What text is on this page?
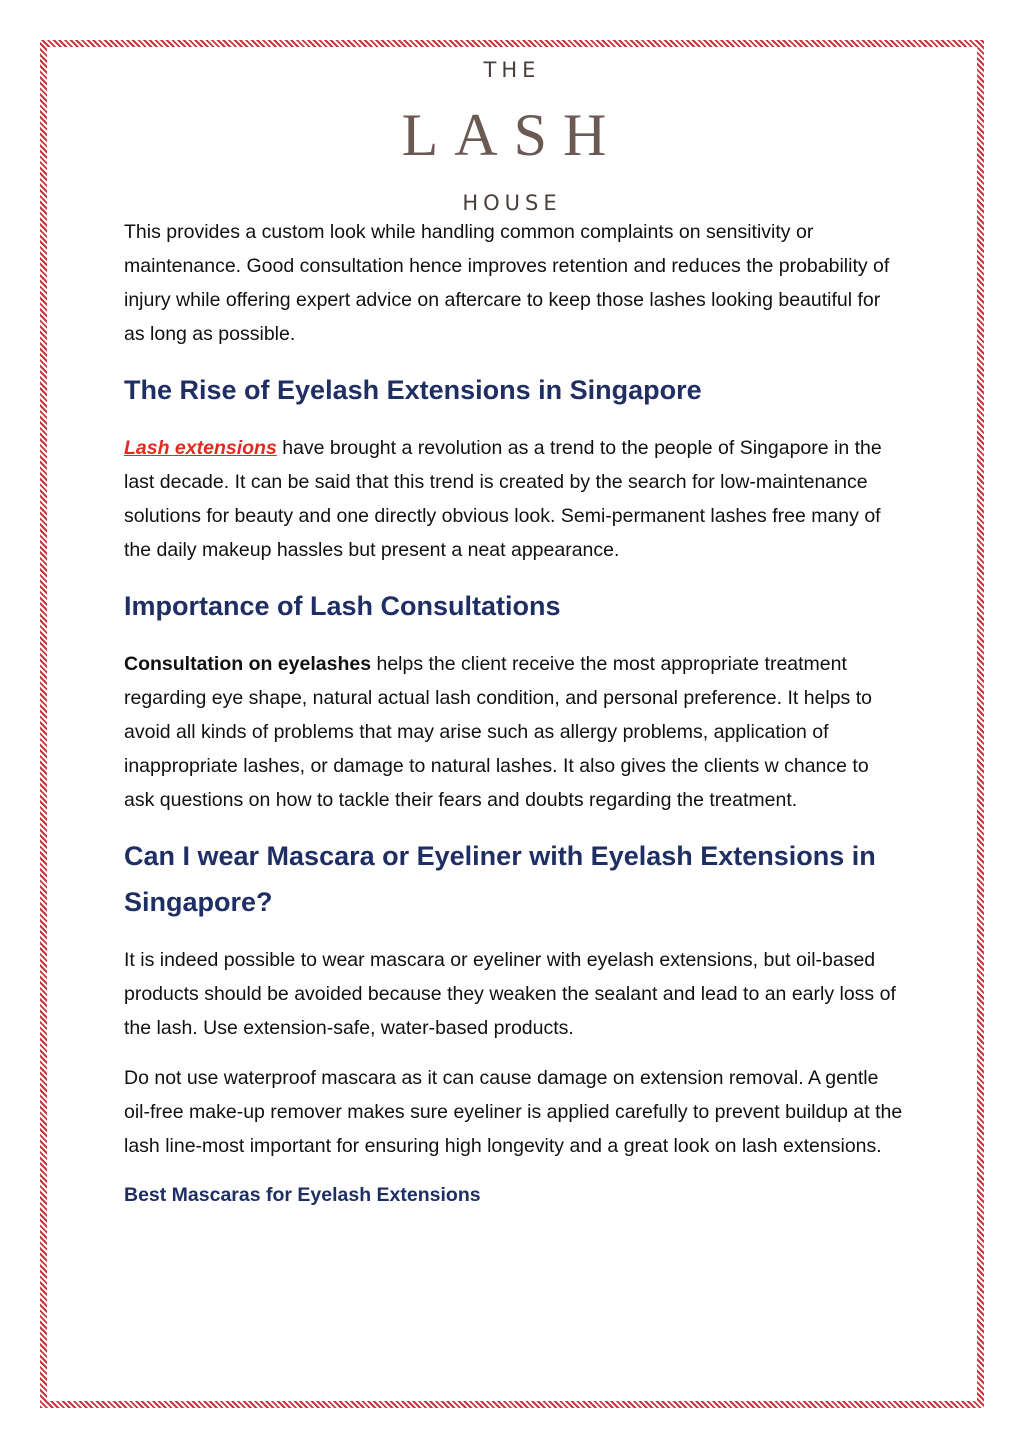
THE
LASH
HOUSE

This provides a custom look while handling common complaints on sensitivity or maintenance. Good consultation hence improves retention and reduces the probability of injury while offering expert advice on aftercare to keep those lashes looking beautiful for as long as possible.

The Rise of Eyelash Extensions in Singapore

Lash extensions have brought a revolution as a trend to the people of Singapore in the last decade. It can be said that this trend is created by the search for low-maintenance solutions for beauty and one directly obvious look. Semi-permanent lashes free many of the daily makeup hassles but present a neat appearance.

Importance of Lash Consultations

Consultation on eyelashes helps the client receive the most appropriate treatment regarding eye shape, natural actual lash condition, and personal preference. It helps to avoid all kinds of problems that may arise such as allergy problems, application of inappropriate lashes, or damage to natural lashes. It also gives the clients w chance to ask questions on how to tackle their fears and doubts regarding the treatment.

Can I wear Mascara or Eyeliner with Eyelash Extensions in Singapore?

It is indeed possible to wear mascara or eyeliner with eyelash extensions, but oil-based products should be avoided because they weaken the sealant and lead to an early loss of the lash. Use extension-safe, water-based products.

Do not use waterproof mascara as it can cause damage on extension removal. A gentle oil-free make-up remover makes sure eyeliner is applied carefully to prevent buildup at the lash line-most important for ensuring high longevity and a great look on lash extensions.

Best Mascaras for Eyelash Extensions
